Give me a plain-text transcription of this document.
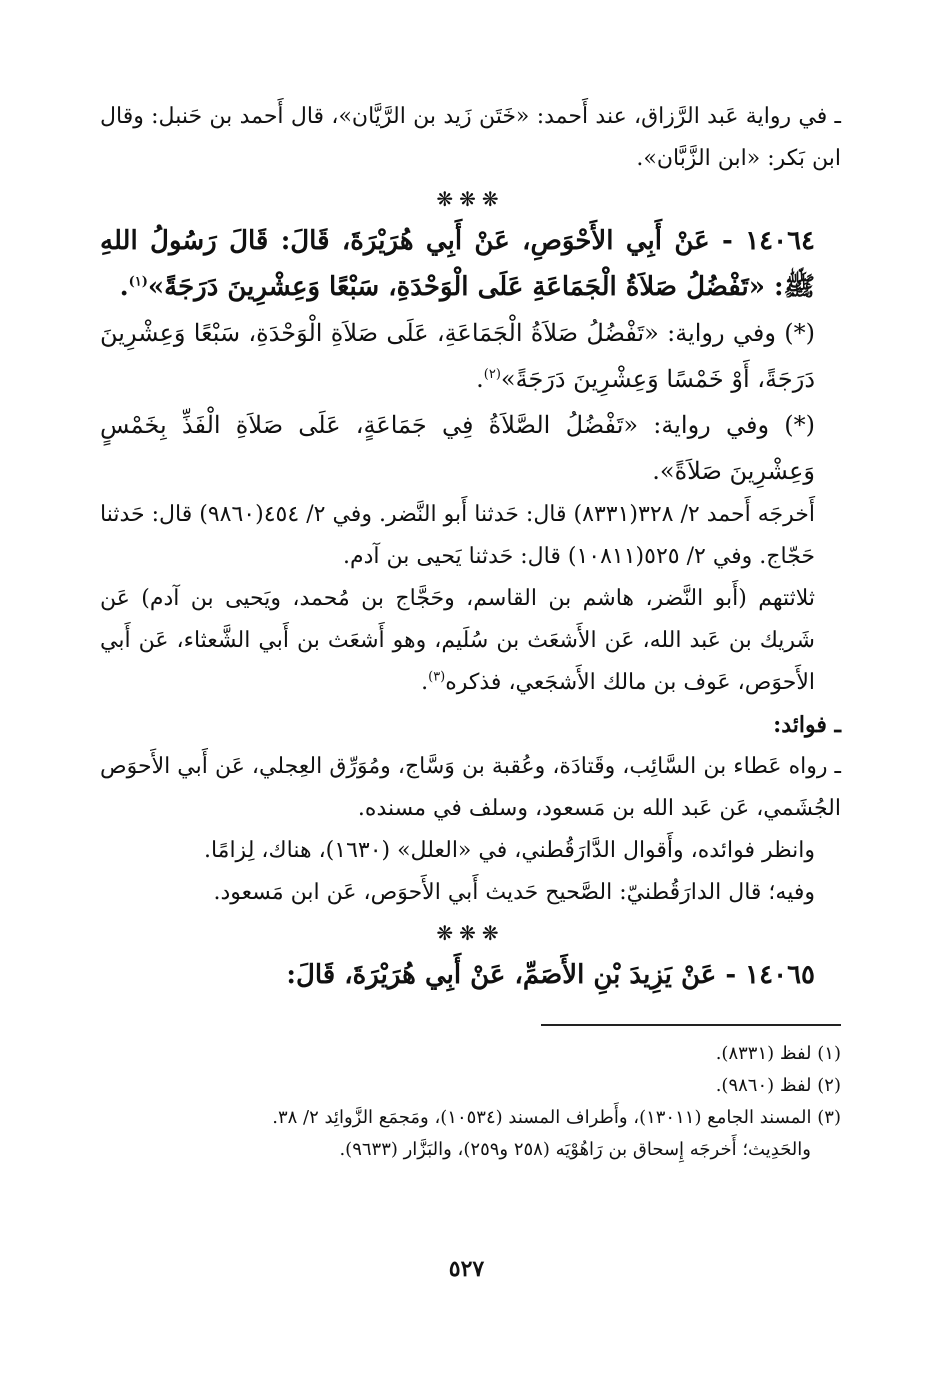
ـ في رواية عَبد الرَّزاق، عند أَحمد: «خَتَن زَيد بن الرَّيَّان»، قال أَحمد بن حَنبل: وقال ابن بَكر: «ابن الزَّبَّان».

❋❋❋

١٤٠٦٤ - عَنْ أَبِي الأَحْوَصِ، عَنْ أَبِي هُرَيْرَةَ، قَالَ: قَالَ رَسُولُ اللهِ ﷺ: «تَفْضُلُ صَلاَةُ الْجَمَاعَةِ عَلَى الْوَحْدَةِ، سَبْعًا وَعِشْرِينَ دَرَجَةً»$^{(١)}$.

(*) وفي رواية: «تَفْضُلُ صَلاَةُ الْجَمَاعَةِ، عَلَى صَلاَةِ الْوَحْدَةِ، سَبْعًا وَعِشْرِينَ دَرَجَةً، أَوْ خَمْسًا وَعِشْرِينَ دَرَجَةً»$^{(٢)}$.

(*) وفي رواية: «تَفْضُلُ الصَّلاَةُ فِي جَمَاعَةٍ، عَلَى صَلاَةِ الْفَذِّ بِخَمْسٍ وَعِشْرِينَ صَلاَةً».

أَخرجَه أَحمد ٢/ ٣٢٨(٨٣٣١) قال: حَدثنا أَبو النَّضر. وفي ٢/ ٤٥٤(٩٨٦٠) قال: حَدثنا حَجّاج. وفي ٢/ ٥٢٥(١٠٨١١) قال: حَدثنا يَحيى بن آدم.

ثلاثتهم (أَبو النَّضر، هاشم بن القاسم، وحَجَّاج بن مُحمد، ويَحيى بن آدم) عَن شَريك بن عَبد الله، عَن الأَشعَث بن سُلَيم، وهو أَشعَث بن أَبي الشَّعثاء، عَن أَبي الأَحوَص، عَوف بن مالك الأَشجَعي، فذكره$^{(٣)}$.

ـ فوائد:

ـ رواه عَطاء بن السَّائِب، وقَتادَة، وعُقبة بن وَسَّاج، ومُوَرِّق العِجلي، عَن أَبي الأَحوَص الجُشَمي، عَن عَبد الله بن مَسعود، وسلف في مسنده.

وانظر فوائده، وأَقوال الدَّارَقُطني، في «العلل» (١٦٣٠)، هناك، لِزامًا.

وفيه؛ قال الدارَقُطنيّ: الصَّحيح حَديث أَبي الأَحوَص، عَن ابن مَسعود.

❋❋❋

١٤٠٦٥ - عَنْ يَزِيدَ بْنِ الأَصَمِّ، عَنْ أَبِي هُرَيْرَةَ، قَالَ:

(١) لفظ (٨٣٣١).

(٢) لفظ (٩٨٦٠).

(٣) المسند الجامع (١٣٠١١)، وأَطراف المسند (١٠٥٣٤)، ومَجمَع الزَّوائِد ٢/ ٣٨.

والحَدِيث؛ أَخرجَه إِسحاق بن رَاهُوْيَه (٢٥٨ و٢٥٩)، والبَزَّار (٩٦٣٣).

٥٢٧
